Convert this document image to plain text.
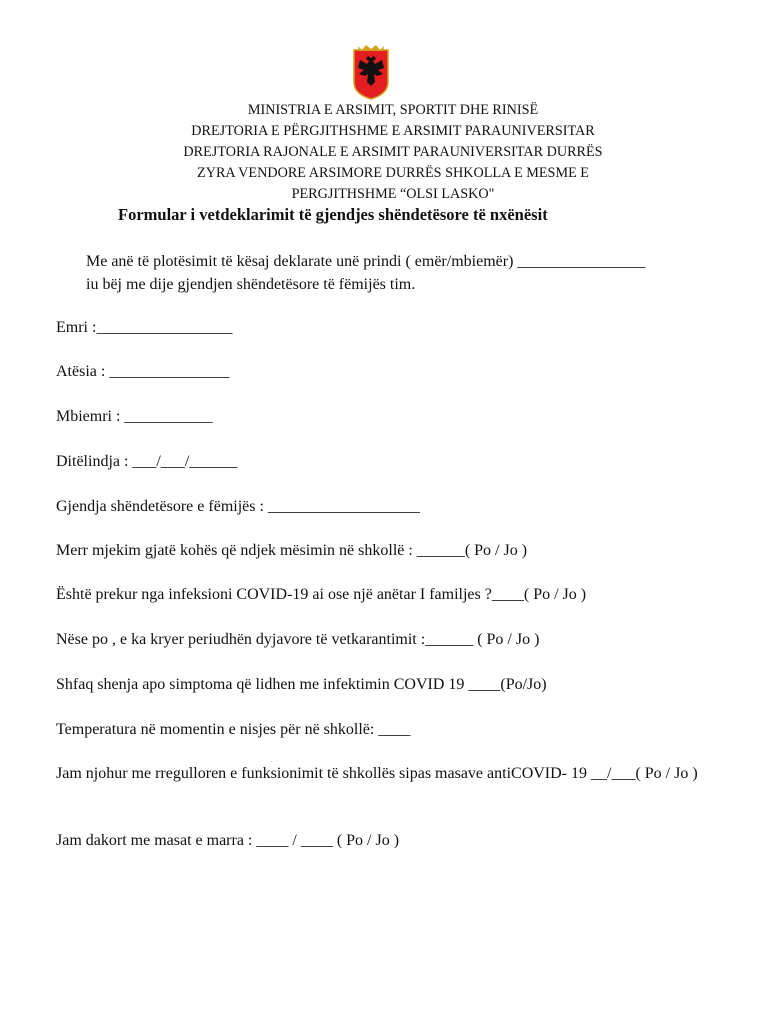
MINISTRIA E ARSIMIT, SPORTIT DHE RINISË
DREJTORIA E PËRGJITHSHME E ARSIMIT PARAUNIVERSITAR
DREJTORIA RAJONALE E ARSIMIT PARAUNIVERSITAR DURRËS
ZYRA VENDORE ARSIMORE DURRËS SHKOLLA E MESME E
PERGJITHSHME “OLSI LASKO"
Formular i vetdeklarimit të gjendjes shëndetësore të nxënësit
Me anë të plotësimit të kësaj deklarate unë prindi ( emër/mbiemër) ________________
iu bëj me dije gjendjen shëndetësore të fëmijës tim.
Emri :_________________
Atësia : _______________
Mbiemri : ___________
Ditëlindja : ___/___/______
Gjendja shëndetësore e fëmijës : ___________________
Merr mjekim gjatë kohës që ndjek mësimin në shkollë : ______( Po / Jo )
Është prekur nga infeksioni COVID-19 ai ose një anëtar I familjes ?____( Po / Jo )
Nëse po , e ka kryer periudhën dyjavore të vetkarantimit :______ ( Po / Jo )
Shfaq shenja apo simptoma që lidhen me infektimin COVID 19 ____(Po/Jo)
Temperatura në momentin e nisjes për në shkollë: ____
Jam njohur me rregulloren e funksionimit të shkollës sipas masave antiCOVID- 19 __/___( Po / Jo )
Jam dakort me masat e marra : ____ / ____ ( Po / Jo )
